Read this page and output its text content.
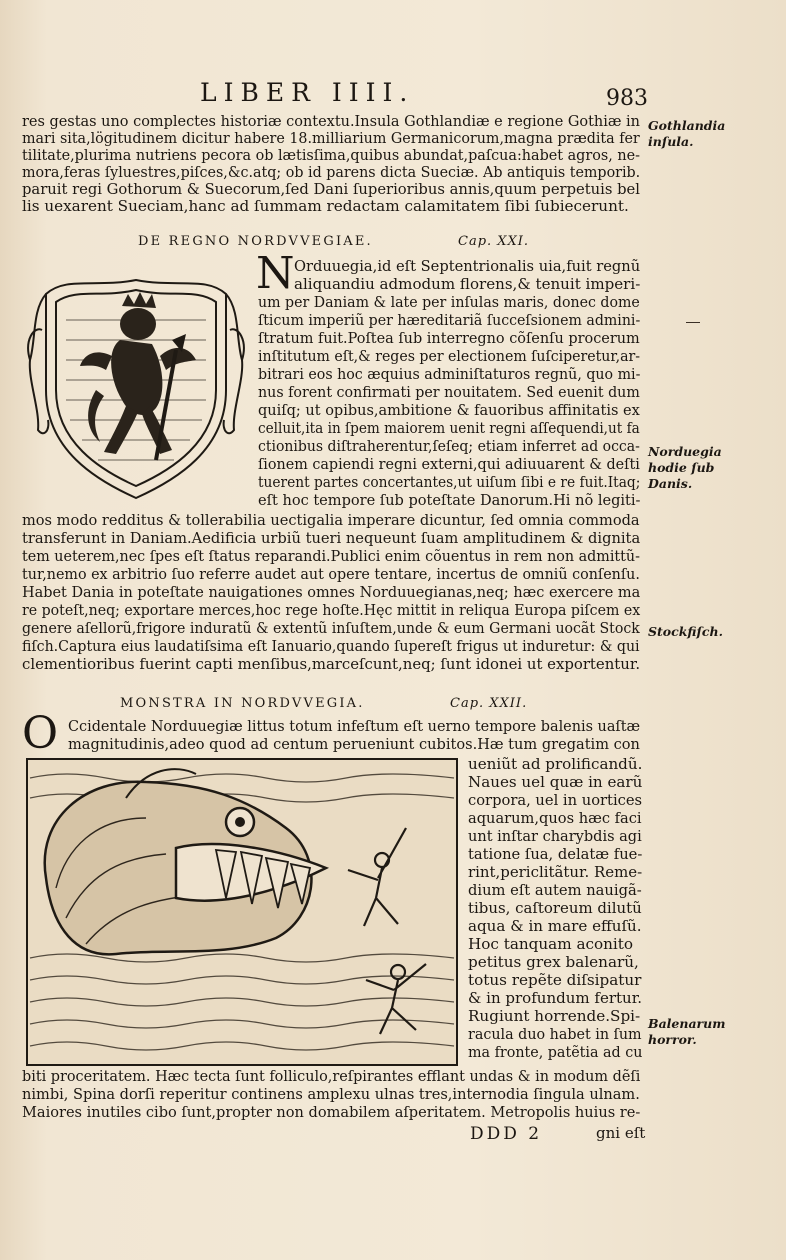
LIBER IIII.	983
res gestas uno complectes historiæ contextu.Insula Gothlandiæ e regione Gothiæ in
mari sita,lögitudinem dicitur habere 18.milliarium Germanicorum,magna prædita fer
tilitate,plurima nutriens pecora ob lætisſima,quibus abundat,paſcua:habet agros, ne-
mora,feras ſyluestres,piſces,&c.atq; ob id parens dicta Sueciæ. Ab antiquis temporib.
paruit regi Gothorum & Suecorum,ſed Dani ſuperioribus annis,quum perpetuis bel
lis uexarent Sueciam,hanc ad ſummam redactam calamitatem ſibi ſubiecerunt.
Gothlandia
inſula.
DE REGNO NORDVVEGIAE.	Cap. XXI.
N Orduuegia,id eſt Septentrionalis uia,fuit regnũ
aliquandiu admodum florens,& tenuit imperi-
um per Daniam & late per inſulas maris, donec dome
ſticum imperiũ per hæreditariã ſucceſsionem admini-
ſtratum fuit.Poſtea ſub interregno cõſenſu procerum
inſtitutum eſt,& reges per electionem ſuſciperetur,ar-
bitrari eos hoc æquius adminiſtaturos regnũ, quo mi-
nus forent confirmati per nouitatem. Sed euenit dum
quiſq; ut opibus,ambitione & fauoribus affinitatis ex
celluit,ita in ſpem maiorem uenit regni aſſequendi,ut fa
ctionibus diſtraherentur,ſeſeq; etiam inferret ad occa-
ſionem capiendi regni externi,qui adiuuarent & deſti
tuerent partes concertantes,ut uiſum ſibi e re fuit.Itaq;
eſt hoc tempore ſub poteſtate Danorum.Hi nõ legiti-
Norduegia
hodie ſub
Danis.
mos modo redditus & tollerabilia uectigalia imperare dicuntur, ſed omnia commoda
transferunt in Daniam.Aedificia urbiũ tueri nequeunt ſuam amplitudinem & dignita
tem ueterem,nec ſpes eſt ſtatus reparandi.Publici enim cõuentus in rem non admittũ-
tur,nemo ex arbitrio ſuo referre audet aut opere tentare, incertus de omniũ conſenſu.
Habet Dania in poteſtate nauigationes omnes Norduuegianas,neq; hæc exercere ma
re poteſt,neq; exportare merces,hoc rege hoſte.Hęc mittit in reliqua Europa piſcem ex
genere aſellorũ,frigore induratũ & extentũ inſuſtem,unde & eum Germani uocãt Stock
fiſch.Captura eius laudatiſsima eſt Ianuario,quando ſupereſt frigus ut induretur: & qui
clementioribus fuerint capti menſibus,marceſcunt,neq; ſunt idonei ut exportentur.
Stockfiſch.
MONSTRA IN NORDVVEGIA.	Cap. XXII.
O Ccidentale Norduuegiæ littus totum infeſtum eſt uerno tempore balenis uaſtæ
magnitudinis,adeo quod ad centum perueniunt cubitos.Hæ tum gregatim con
ueniũt ad prolificandũ.
Naues uel quæ in earũ
corpora, uel in uortices
aquarum,quos hæc faci
unt inſtar charybdis agi
tatione ſua, delatæ fue-
rint,periclitãtur. Reme-
dium eſt autem nauigã-
tibus, caſtoreum dilutũ
aqua & in mare effuſũ.
Hoc tanquam aconito
petitus grex balenarũ,
totus repẽte diſsipatur
& in profundum fertur.
Rugiunt horrende.Spi-
racula duo habet in ſum
ma fronte, patẽtia ad cu
Balenarum
horror.
biti proceritatem. Hæc tecta ſunt folliculo,reſpirantes efflant undas & in modum dẽſi
nimbi, Spina dorſi reperitur continens amplexu ulnas tres,internodia ſingula ulnam.
Maiores inutiles cibo ſunt,propter non domabilem aſperitatem. Metropolis huius re-
DDD 2	gni eſt
